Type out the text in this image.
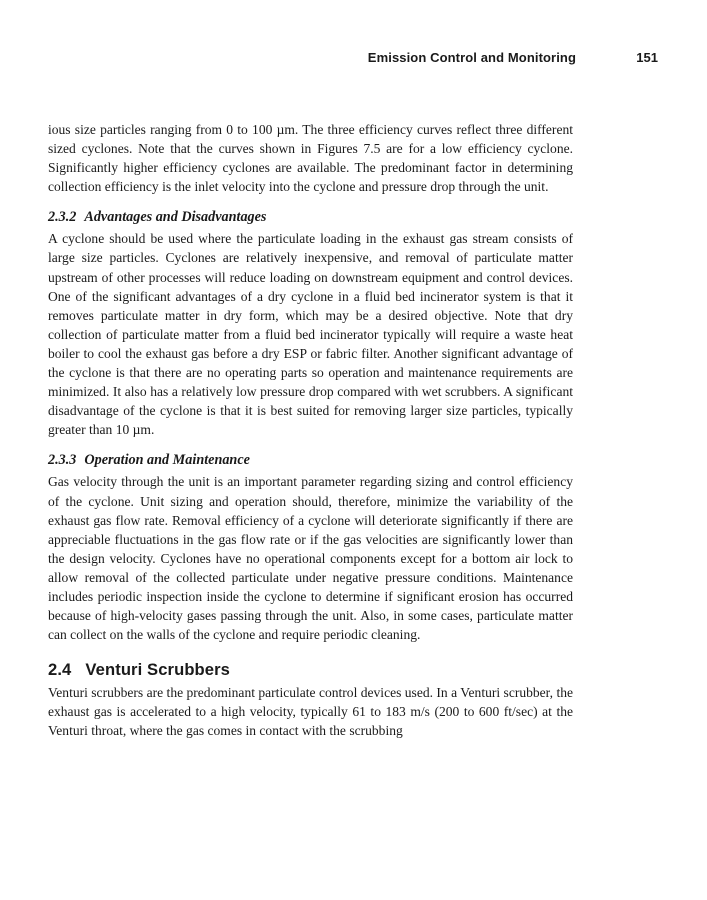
Emission Control and Monitoring	151

ious size particles ranging from 0 to 100 µm. The three efficiency curves reflect three different sized cyclones. Note that the curves shown in Figures 7.5 are for a low efficiency cyclone. Significantly higher efficiency cyclones are available. The predominant factor in determining collection efficiency is the inlet velocity into the cyclone and pressure drop through the unit.

2.3.2 Advantages and Disadvantages

A cyclone should be used where the particulate loading in the exhaust gas stream consists of large size particles. Cyclones are relatively inexpensive, and removal of particulate matter upstream of other processes will reduce loading on downstream equipment and control devices. One of the significant advantages of a dry cyclone in a fluid bed incinerator system is that it removes particulate matter in dry form, which may be a desired objective. Note that dry collection of particulate matter from a fluid bed incinerator typically will require a waste heat boiler to cool the exhaust gas before a dry ESP or fabric filter. Another significant advantage of the cyclone is that there are no operating parts so operation and maintenance requirements are minimized. It also has a relatively low pressure drop compared with wet scrubbers. A significant disadvantage of the cyclone is that it is best suited for removing larger size particles, typically greater than 10 µm.

2.3.3 Operation and Maintenance

Gas velocity through the unit is an important parameter regarding sizing and control efficiency of the cyclone. Unit sizing and operation should, therefore, minimize the variability of the exhaust gas flow rate. Removal efficiency of a cyclone will deteriorate significantly if there are appreciable fluctuations in the gas flow rate or if the gas velocities are significantly lower than the design velocity. Cyclones have no operational components except for a bottom air lock to allow removal of the collected particulate under negative pressure conditions. Maintenance includes periodic inspection inside the cyclone to determine if significant erosion has occurred because of high-velocity gases passing through the unit. Also, in some cases, particulate matter can collect on the walls of the cyclone and require periodic cleaning.

2.4 Venturi Scrubbers

Venturi scrubbers are the predominant particulate control devices used. In a Venturi scrubber, the exhaust gas is accelerated to a high velocity, typically 61 to 183 m/s (200 to 600 ft/sec) at the Venturi throat, where the gas comes in contact with the scrubbing
